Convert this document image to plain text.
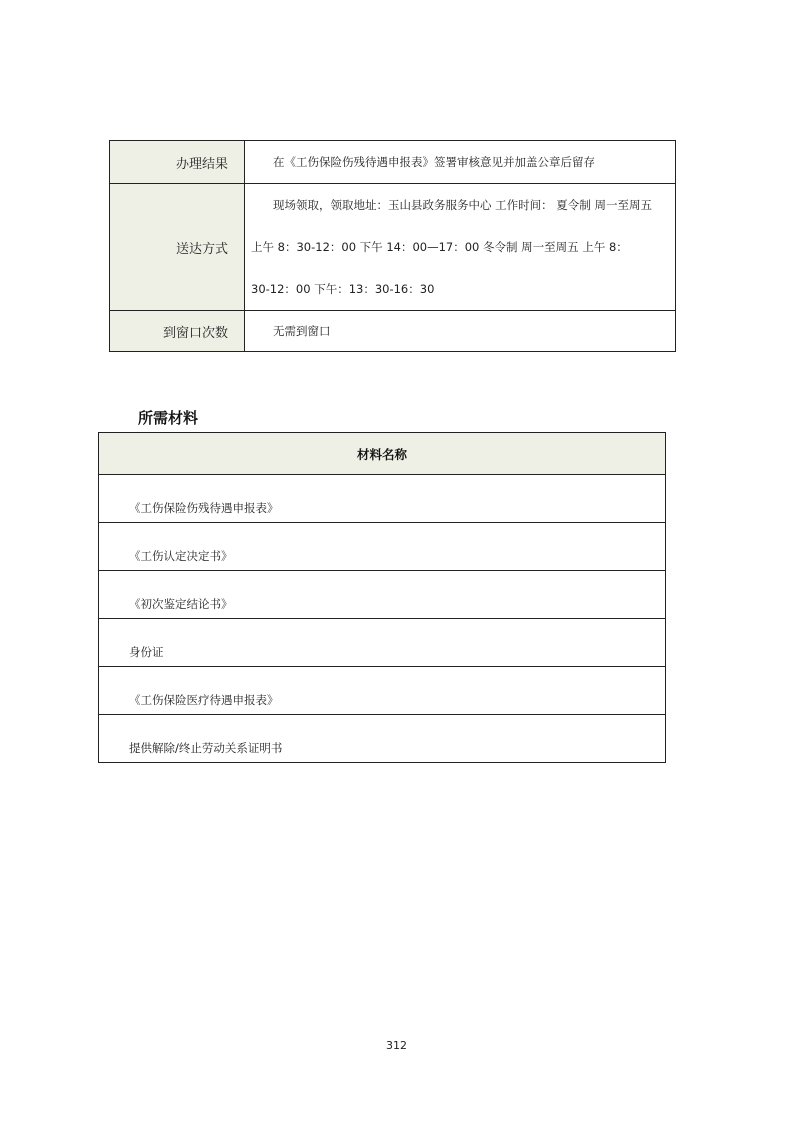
办理结果	在《工伤保险伤残待遇申报表》签署审核意见并加盖公章后留存
送达方式	现场领取，领取地址：玉山县政务服务中心 工作时间： 夏令制 周一至周五
上午 8：30-12：00 下午 14：00—17：00 冬令制 周一至周五 上午 8：
30-12：00 下午：13：30-16：30

到窗口次数	无需到窗口
所需材料
材料名称
《工伤保险伤残待遇申报表》
《工伤认定决定书》
《初次鉴定结论书》
身份证
《工伤保险医疗待遇申报表》
提供解除/终止劳动关系证明书
312
